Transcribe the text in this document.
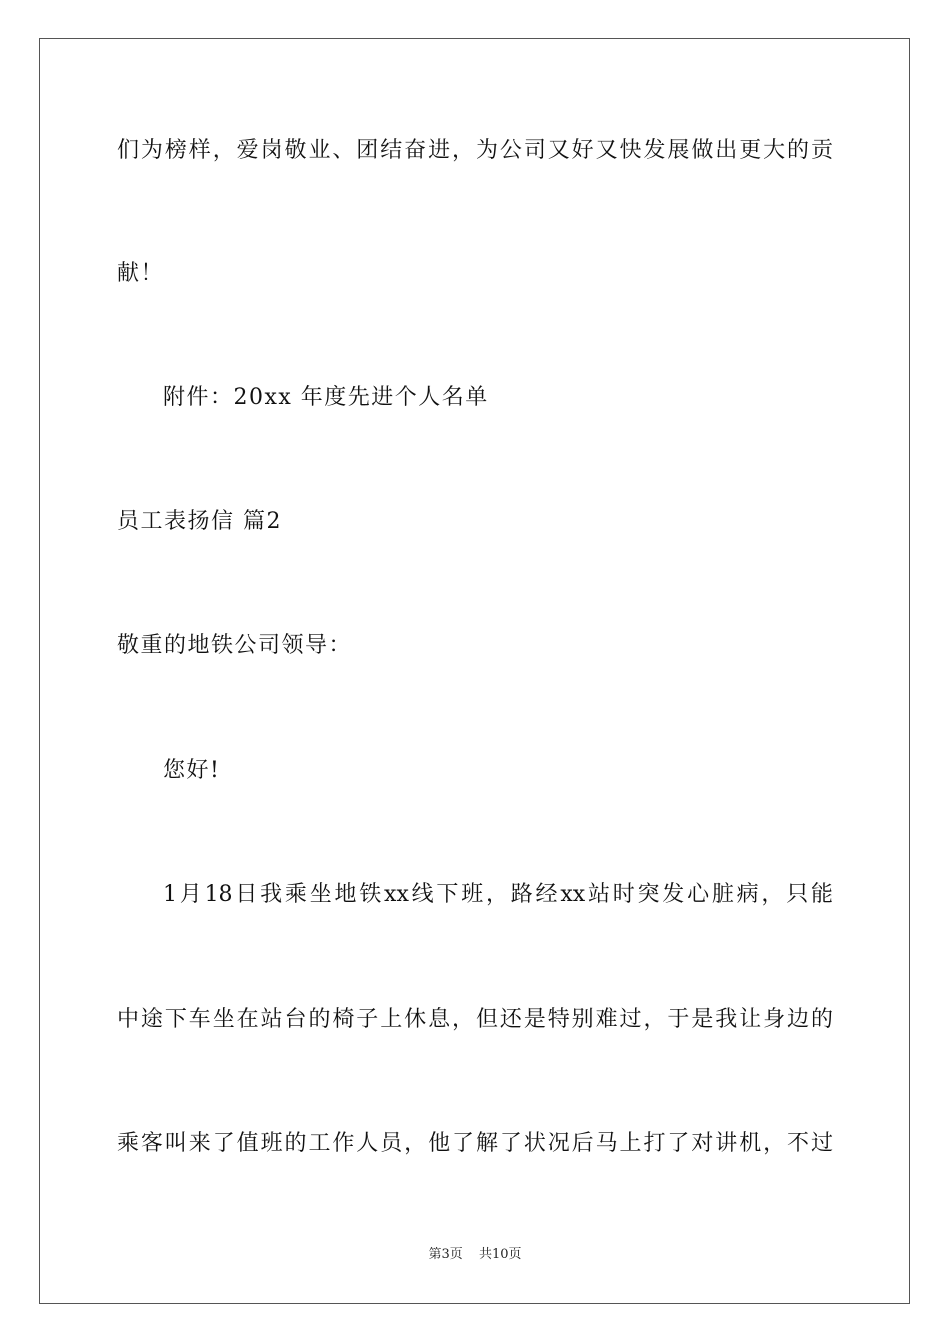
们为榜样，爱岗敬业、团结奋进，为公司又好又快发展做出更大的贡
献！
附件：20xx 年度先进个人名单
员工表扬信 篇2
敬重的地铁公司领导：
您好!
1月18日我乘坐地铁xx线下班，路经xx站时突发心脏病，只能
中途下车坐在站台的椅子上休息，但还是特别难过，于是我让身边的
乘客叫来了值班的工作人员，他了解了状况后马上打了对讲机，不过
第3页 共10页
